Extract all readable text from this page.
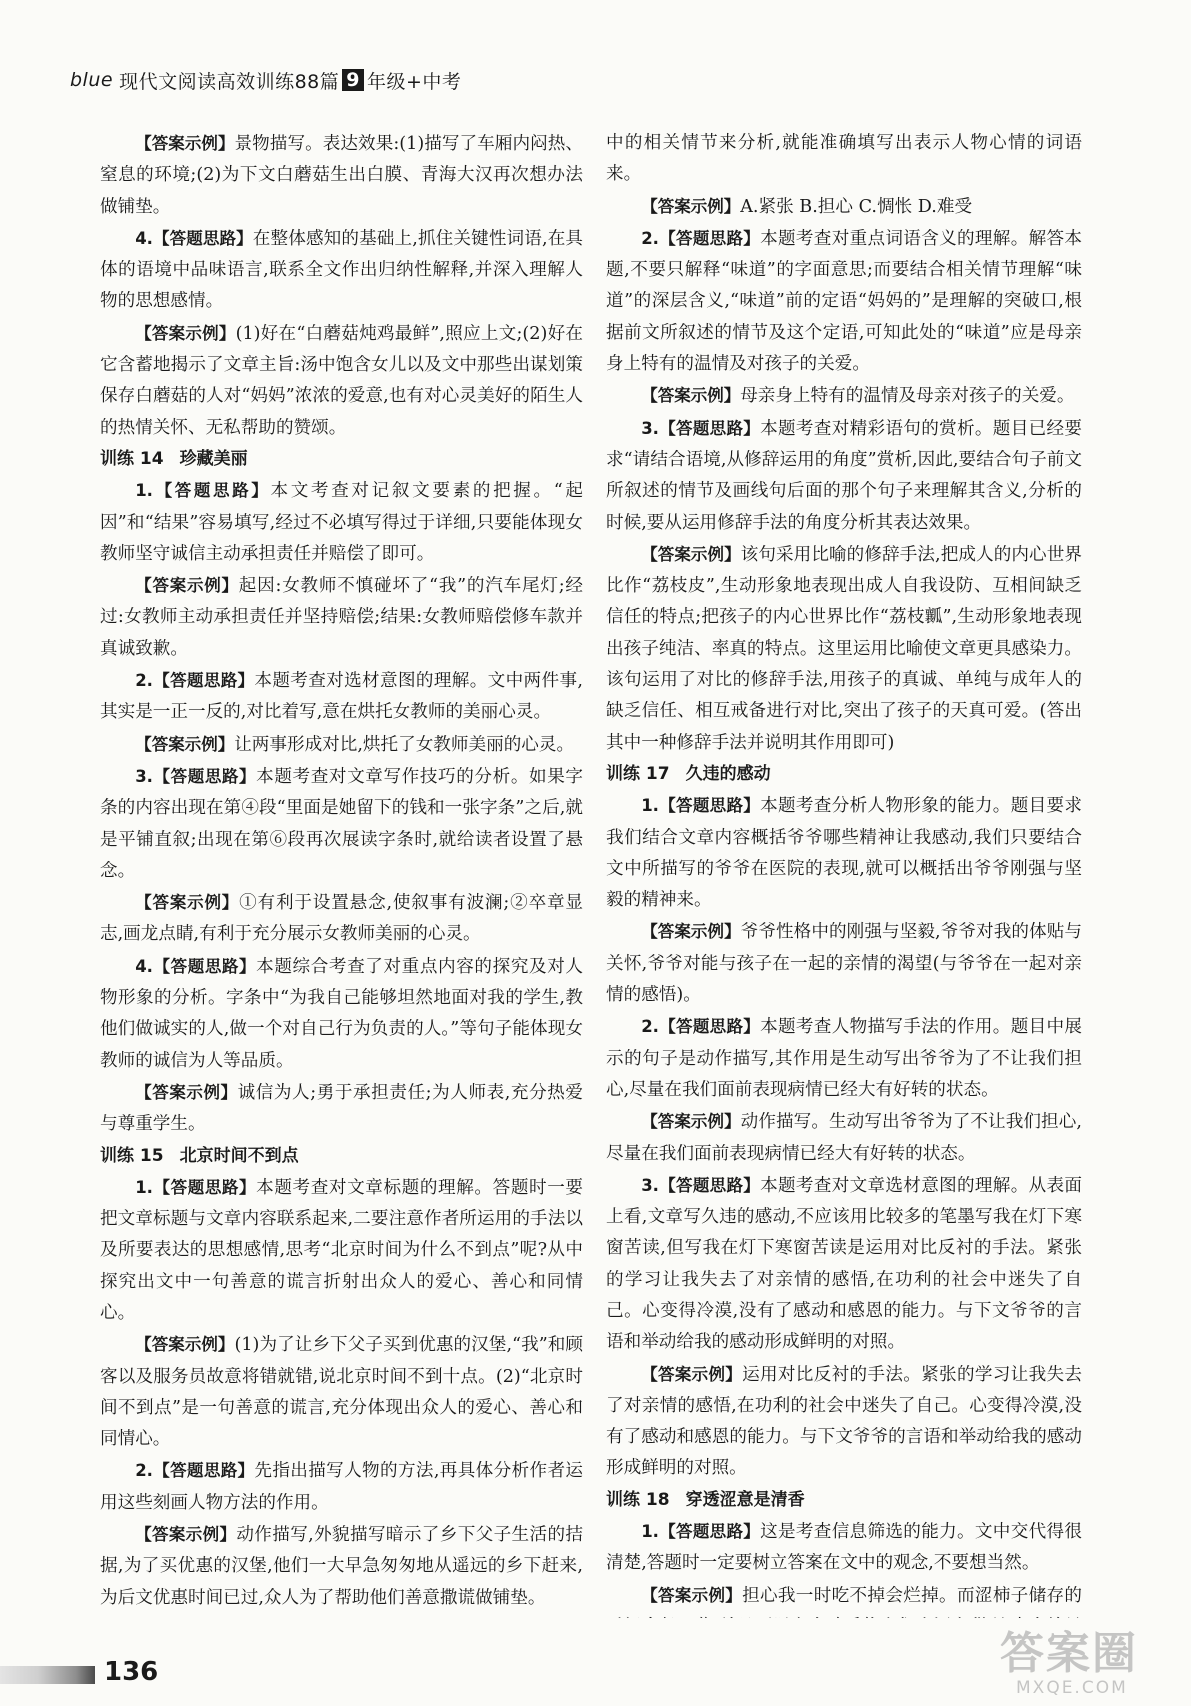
blue 现代文阅读高效训练88篇 9 年级+中考

【答案示例】景物描写。表达效果:(1)描写了车厢内闷热、窒息的环境;(2)为下文白蘑菇生出白膜、青海大汉再次想办法做铺垫。

4.【答题思路】在整体感知的基础上,抓住关键性词语,在具体的语境中品味语言,联系全文作出归纳性解释,并深入理解人物的思想感情。

【答案示例】(1)好在“白蘑菇炖鸡最鲜”,照应上文;(2)好在它含蓄地揭示了文章主旨:汤中饱含女儿以及文中那些出谋划策保存白蘑菇的人对“妈妈”浓浓的爱意,也有对心灵美好的陌生人的热情关怀、无私帮助的赞颂。

训练 14 珍藏美丽

1.【答题思路】本文考查对记叙文要素的把握。“起因”和“结果”容易填写,经过不必填写得过于详细,只要能体现女教师坚守诚信主动承担责任并赔偿了即可。

【答案示例】起因:女教师不慎碰坏了“我”的汽车尾灯;经过:女教师主动承担责任并坚持赔偿;结果:女教师赔偿修车款并真诚致歉。

2.【答题思路】本题考查对选材意图的理解。文中两件事,其实是一正一反的,对比着写,意在烘托女教师的美丽心灵。

【答案示例】让两事形成对比,烘托了女教师美丽的心灵。

3.【答题思路】本题考查对文章写作技巧的分析。如果字条的内容出现在第④段“里面是她留下的钱和一张字条”之后,就是平铺直叙;出现在第⑥段再次展读字条时,就给读者设置了悬念。

【答案示例】①有利于设置悬念,使叙事有波澜;②卒章显志,画龙点睛,有利于充分展示女教师美丽的心灵。

4.【答题思路】本题综合考查了对重点内容的探究及对人物形象的分析。字条中“为我自己能够坦然地面对我的学生,教他们做诚实的人,做一个对自己行为负责的人。”等句子能体现女教师的诚信为人等品质。

【答案示例】诚信为人;勇于承担责任;为人师表,充分热爱与尊重学生。

训练 15 北京时间不到点

1.【答题思路】本题考查对文章标题的理解。答题时一要把文章标题与文章内容联系起来,二要注意作者所运用的手法以及所要表达的思想感情,思考“北京时间为什么不到点”呢?从中探究出文中一句善意的谎言折射出众人的爱心、善心和同情心。

【答案示例】(1)为了让乡下父子买到优惠的汉堡,“我”和顾客以及服务员故意将错就错,说北京时间不到十点。(2)“北京时间不到点”是一句善意的谎言,充分体现出众人的爱心、善心和同情心。

2.【答题思路】先指出描写人物的方法,再具体分析作者运用这些刻画人物方法的作用。

【答案示例】动作描写,外貌描写暗示了乡下父子生活的拮据,为了买优惠的汉堡,他们一大早急匆匆地从遥远的乡下赶来,为后文优惠时间已过,众人为了帮助他们善意撒谎做铺垫。

中的相关情节来分析,就能准确填写出表示人物心情的词语来。

【答案示例】A.紧张 B.担心 C.惆怅 D.难受

2.【答题思路】本题考查对重点词语含义的理解。解答本题,不要只解释“味道”的字面意思;而要结合相关情节理解“味道”的深层含义,“味道”前的定语“妈妈的”是理解的突破口,根据前文所叙述的情节及这个定语,可知此处的“味道”应是母亲身上特有的温情及对孩子的关爱。

【答案示例】母亲身上特有的温情及母亲对孩子的关爱。

3.【答题思路】本题考查对精彩语句的赏析。题目已经要求“请结合语境,从修辞运用的角度”赏析,因此,要结合句子前文所叙述的情节及画线句后面的那个句子来理解其含义,分析的时候,要从运用修辞手法的角度分析其表达效果。

【答案示例】该句采用比喻的修辞手法,把成人的内心世界比作“荔枝皮”,生动形象地表现出成人自我设防、互相间缺乏信任的特点;把孩子的内心世界比作“荔枝瓤”,生动形象地表现出孩子纯洁、率真的特点。这里运用比喻使文章更具感染力。该句运用了对比的修辞手法,用孩子的真诚、单纯与成年人的缺乏信任、相互戒备进行对比,突出了孩子的天真可爱。(答出其中一种修辞手法并说明其作用即可)

训练 17 久违的感动

1.【答题思路】本题考查分析人物形象的能力。题目要求我们结合文章内容概括爷爷哪些精神让我感动,我们只要结合文中所描写的爷爷在医院的表现,就可以概括出爷爷刚强与坚毅的精神来。

【答案示例】爷爷性格中的刚强与坚毅,爷爷对我的体贴与关怀,爷爷对能与孩子在一起的亲情的渴望(与爷爷在一起对亲情的感悟)。

2.【答题思路】本题考查人物描写手法的作用。题目中展示的句子是动作描写,其作用是生动写出爷爷为了不让我们担心,尽量在我们面前表现病情已经大有好转的状态。

【答案示例】动作描写。生动写出爷爷为了不让我们担心,尽量在我们面前表现病情已经大有好转的状态。

3.【答题思路】本题考查对文章选材意图的理解。从表面上看,文章写久违的感动,不应该用比较多的笔墨写我在灯下寒窗苦读,但写我在灯下寒窗苦读是运用对比反衬的手法。紧张的学习让我失去了对亲情的感悟,在功利的社会中迷失了自己。心变得冷漠,没有了感动和感恩的能力。与下文爷爷的言语和举动给我的感动形成鲜明的对照。

【答案示例】运用对比反衬的手法。紧张的学习让我失去了对亲情的感悟,在功利的社会中迷失了自己。心变得冷漠,没有了感动和感恩的能力。与下文爷爷的言语和举动给我的感动形成鲜明的对照。

训练 18 穿透涩意是清香

1.【答题思路】这是考查信息筛选的能力。文中交代得很清楚,答题时一定要树立答案在文中的观念,不要想当然。

【答案示例】担心我一时吃不掉会烂掉。而涩柿子储存的

136	答案圈
MXQE.COM
